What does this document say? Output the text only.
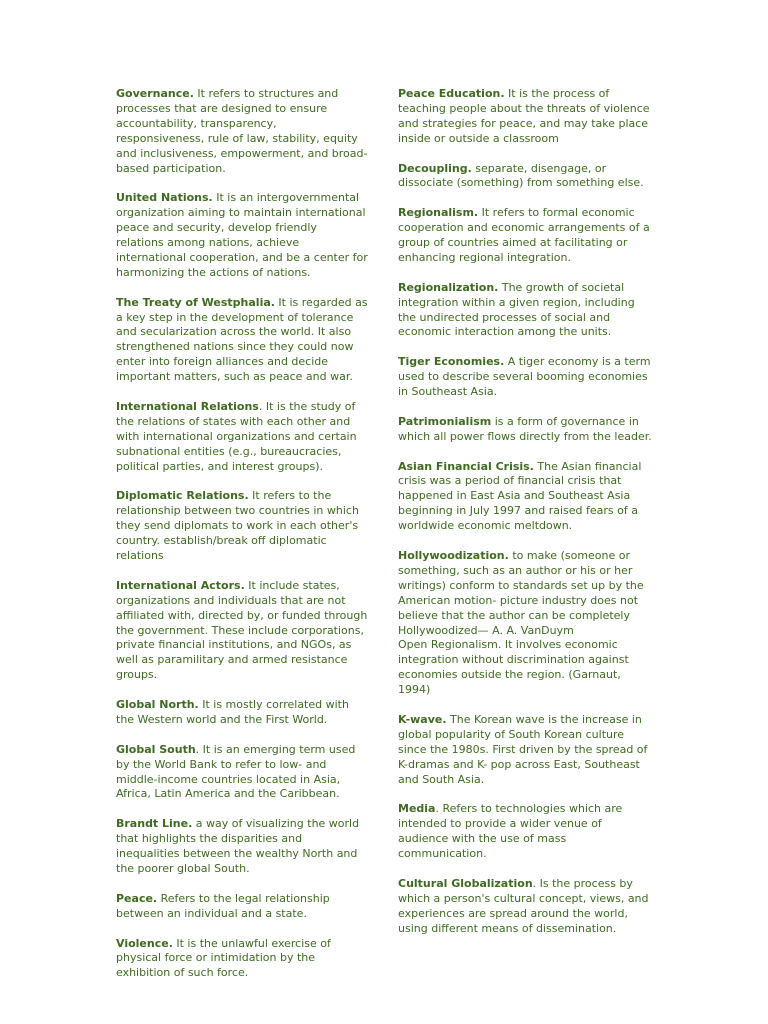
Governance. It refers to structures and processes that are designed to ensure accountability, transparency, responsiveness, rule of law, stability, equity and inclusiveness, empowerment, and broad-based participation.

United Nations. It is an intergovernmental organization aiming to maintain international peace and security, develop friendly relations among nations, achieve international cooperation, and be a center for harmonizing the actions of nations.

The Treaty of Westphalia. It is regarded as a key step in the development of tolerance and secularization across the world. It also strengthened nations since they could now enter into foreign alliances and decide important matters, such as peace and war.

International Relations. It is the study of the relations of states with each other and with international organizations and certain subnational entities (e.g., bureaucracies, political parties, and interest groups).

Diplomatic Relations. It refers to the relationship between two countries in which they send diplomats to work in each other's country. establish/break off diplomatic relations

International Actors. It include states, organizations and individuals that are not affiliated with, directed by, or funded through the government. These include corporations, private financial institutions, and NGOs, as well as paramilitary and armed resistance groups.

Global North. It is mostly correlated with the Western world and the First World.

Global South. It is an emerging term used by the World Bank to refer to low- and middle-income countries located in Asia, Africa, Latin America and the Caribbean.

Brandt Line. a way of visualizing the world that highlights the disparities and inequalities between the wealthy North and the poorer global South.

Peace. Refers to the legal relationship between an individual and a state.

Violence. It is the unlawful exercise of physical force or intimidation by the exhibition of such force.

Peace Education. It is the process of teaching people about the threats of violence and strategies for peace, and may take place inside or outside a classroom

Decoupling. separate, disengage, or dissociate (something) from something else.

Regionalism. It refers to formal economic cooperation and economic arrangements of a group of countries aimed at facilitating or enhancing regional integration.

Regionalization. The growth of societal integration within a given region, including the undirected processes of social and economic interaction among the units.

Tiger Economies. A tiger economy is a term used to describe several booming economies in Southeast Asia.

Patrimonialism is a form of governance in which all power flows directly from the leader.

Asian Financial Crisis. The Asian financial crisis was a period of financial crisis that happened in East Asia and Southeast Asia beginning in July 1997 and raised fears of a worldwide economic meltdown.

Hollywoodization. to make (someone or something, such as an author or his or her writings) conform to standards set up by the American motion- picture industry does not believe that the author can be completely Hollywoodized— A. A. VanDuym
Open Regionalism. It involves economic integration without discrimination against economies outside the region. (Garnaut, 1994)

K-wave. The Korean wave is the increase in global popularity of South Korean culture since the 1980s. First driven by the spread of K-dramas and K- pop across East, Southeast and South Asia.

Media. Refers to technologies which are intended to provide a wider venue of audience with the use of mass communication.

Cultural Globalization. Is the process by which a person's cultural concept, views, and experiences are spread around the world, using different means of dissemination.
